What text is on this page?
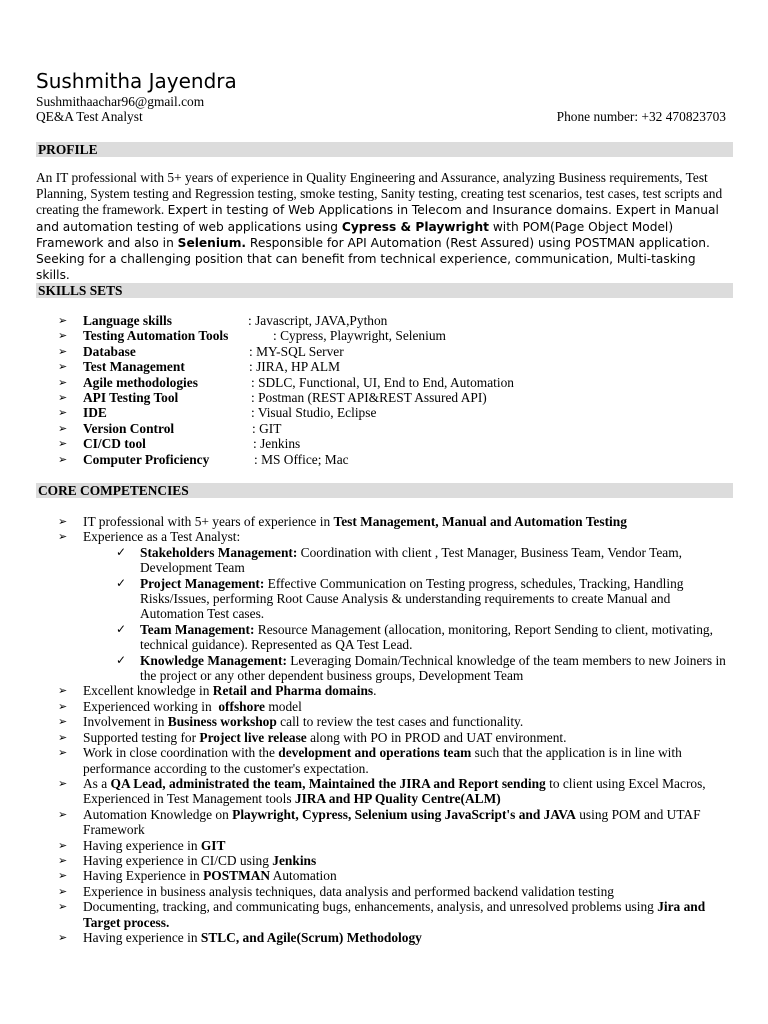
Sushmitha Jayendra
Sushmithaachar96@gmail.com
QE&A Test Analyst	Phone number: +32 470823703
PROFILE
An IT professional with 5+ years of experience in Quality Engineering and Assurance, analyzing Business requirements, Test Planning, System testing and Regression testing, smoke testing, Sanity testing, creating test scenarios, test cases, test scripts and creating the framework. Expert in testing of Web Applications in Telecom and Insurance domains. Expert in Manual and automation testing of web applications using Cypress & Playwright with POM(Page Object Model) Framework and also in Selenium. Responsible for API Automation (Rest Assured) using POSTMAN application. Seeking for a challenging position that can benefit from technical experience, communication, Multi-tasking skills.
SKILLS SETS
➢ Language skills	: Javascript, JAVA,Python
➢ Testing Automation Tools	: Cypress, Playwright, Selenium
➢ Database	: MY-SQL Server
➢ Test Management	: JIRA, HP ALM
➢ Agile methodologies	: SDLC, Functional, UI, End to End, Automation
➢ API Testing Tool	: Postman (REST API&REST Assured API)
➢ IDE	: Visual Studio, Eclipse
➢ Version Control	: GIT
➢ CI/CD tool	: Jenkins
➢ Computer Proficiency	: MS Office; Mac
CORE COMPETENCIES
➢ IT professional with 5+ years of experience in Test Management, Manual and Automation Testing
➢ Experience as a Test Analyst:
✓ Stakeholders Management: Coordination with client , Test Manager, Business Team, Vendor Team, Development Team
✓ Project Management: Effective Communication on Testing progress, schedules, Tracking, Handling Risks/Issues, performing Root Cause Analysis & understanding requirements to create Manual and Automation Test cases.
✓ Team Management: Resource Management (allocation, monitoring, Report Sending to client, motivating, technical guidance). Represented as QA Test Lead.
✓ Knowledge Management: Leveraging Domain/Technical knowledge of the team members to new Joiners in the project or any other dependent business groups, Development Team
➢ Excellent knowledge in Retail and Pharma domains.
➢ Experienced working in  offshore model
➢ Involvement in Business workshop call to review the test cases and functionality.
➢ Supported testing for Project live release along with PO in PROD and UAT environment.
➢ Work in close coordination with the development and operations team such that the application is in line with performance according to the customer's expectation.
➢ As a QA Lead, administrated the team, Maintained the JIRA and Report sending to client using Excel Macros, Experienced in Test Management tools JIRA and HP Quality Centre(ALM)
➢ Automation Knowledge on Playwright, Cypress, Selenium using JavaScript's and JAVA using POM and UTAF Framework
➢ Having experience in GIT
➢ Having experience in CI/CD using Jenkins
➢ Having Experience in POSTMAN Automation
➢ Experience in business analysis techniques, data analysis and performed backend validation testing
➢ Documenting, tracking, and communicating bugs, enhancements, analysis, and unresolved problems using Jira and Target process.
➢ Having experience in STLC, and Agile(Scrum) Methodology
